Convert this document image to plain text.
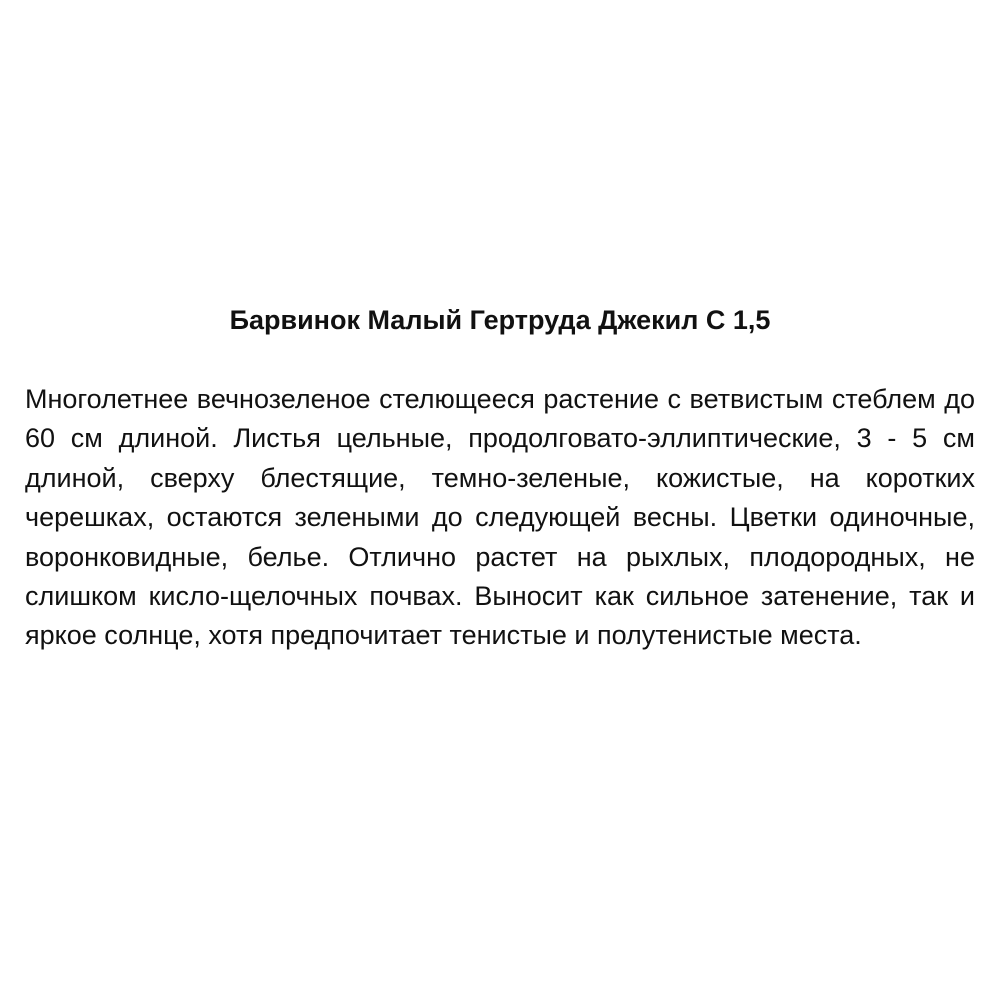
Барвинок Малый Гертруда Джекил С 1,5

Многолетнее вечнозеленое стелющееся растение с ветвистым стеблем до 60 см длиной. Листья цельные, продолговато-эллиптические, 3 - 5 см длиной, сверху блестящие, темно-зеленые, кожистые, на коротких черешках, остаются зелеными до следующей весны. Цветки одиночные, воронковидные, белье. Отлично растет на рыхлых, плодородных, не слишком кисло-щелочных почвах. Выносит как сильное затенение, так и яркое солнце, хотя предпочитает тенистые и полутенистые места.
